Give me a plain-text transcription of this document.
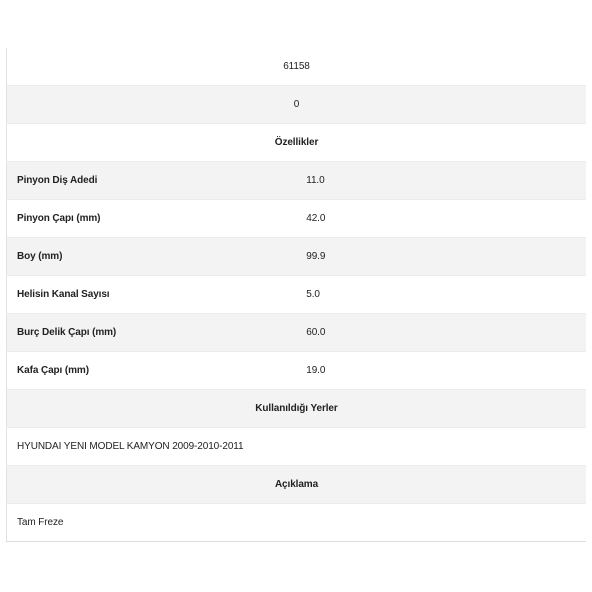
61158	
0	
Özellikler	
Pinyon Diş Adedi	11.0
Pinyon Çapı (mm)	42.0
Boy (mm)	99.9
Helisin Kanal Sayısı	5.0
Burç Delik Çapı (mm)	60.0
Kafa Çapı (mm)	19.0
Kullanıldığı Yerler	
HYUNDAI YENI MODEL KAMYON 2009-2010-2011	
Açıklama	
Tam Freze	
